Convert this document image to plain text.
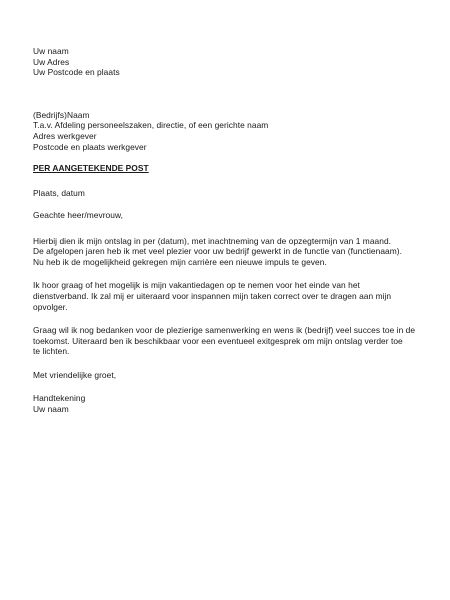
Uw naam
Uw Adres
Uw Postcode en plaats
(Bedrijfs)Naam
T.a.v. Afdeling personeelszaken, directie, of een gerichte naam
Adres werkgever
Postcode en plaats werkgever
PER AANGETEKENDE POST
Plaats, datum
Geachte heer/mevrouw,
Hierbij dien ik mijn ontslag in per (datum), met inachtneming van de opzegtermijn van 1 maand.
De afgelopen jaren heb ik met veel plezier voor uw bedrijf gewerkt in de functie van (functienaam).
Nu heb ik de mogelijkheid gekregen mijn carrière een nieuwe impuls te geven.
Ik hoor graag of het mogelijk is mijn vakantiedagen op te nemen voor het einde van het
dienstverband. Ik zal mij er uiteraard voor inspannen mijn taken correct over te dragen aan mijn
opvolger.
Graag wil ik nog bedanken voor de plezierige samenwerking en wens ik (bedrijf) veel succes toe in de
toekomst. Uiteraard ben ik beschikbaar voor een eventueel exitgesprek om mijn ontslag verder toe
te lichten.
Met vriendelijke groet,
Handtekening
Uw naam
